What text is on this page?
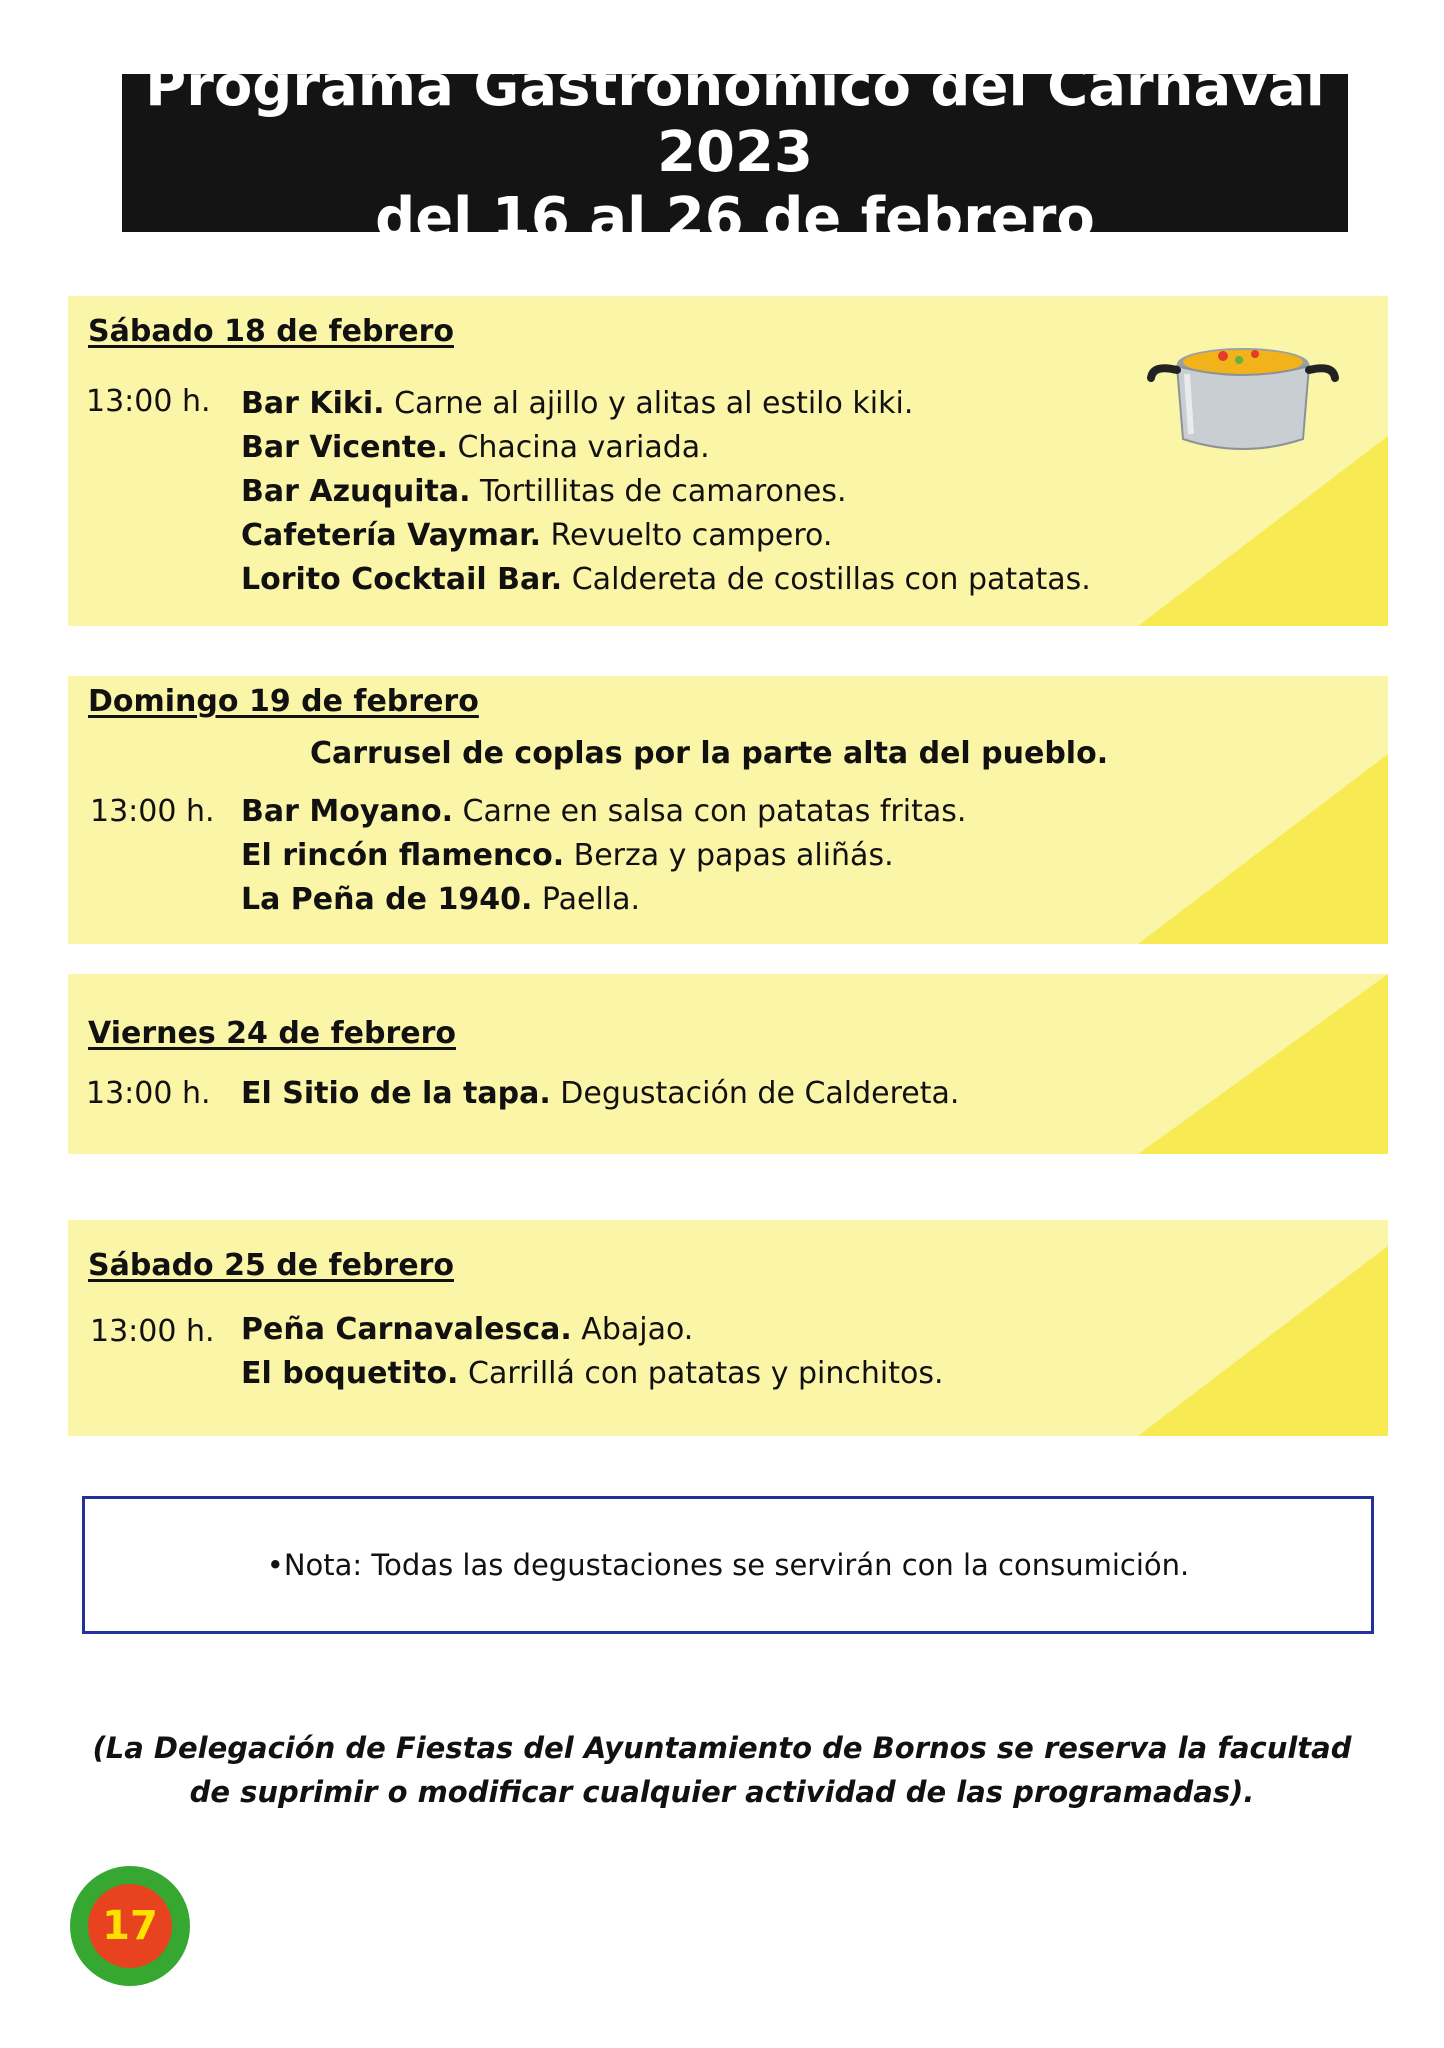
Programa Gastronómico del Carnaval 2023
del 16 al 26 de febrero
Sábado 18 de febrero
13:00 h. Bar Kiki. Carne al ajillo y alitas al estilo kiki.
Bar Vicente. Chacina variada.
Bar Azuquita. Tortillitas de camarones.
Cafetería Vaymar. Revuelto campero.
Lorito Cocktail Bar. Caldereta de costillas con patatas.
Domingo 19 de febrero
Carrusel de coplas por la parte alta del pueblo.
13:00 h. Bar Moyano. Carne en salsa con patatas fritas.
El rincón flamenco. Berza y papas aliñás.
La Peña de 1940. Paella.
Viernes 24 de febrero
13:00 h. El Sitio de la tapa. Degustación de Caldereta.
Sábado 25 de febrero
13:00 h. Peña Carnavalesca. Abajao.
El boquetito. Carrillá con patatas y pinchitos.
•Nota: Todas las degustaciones se servirán con la consumición.
(La Delegación de Fiestas del Ayuntamiento de Bornos se reserva la facultad
de suprimir o modificar cualquier actividad de las programadas).
17
